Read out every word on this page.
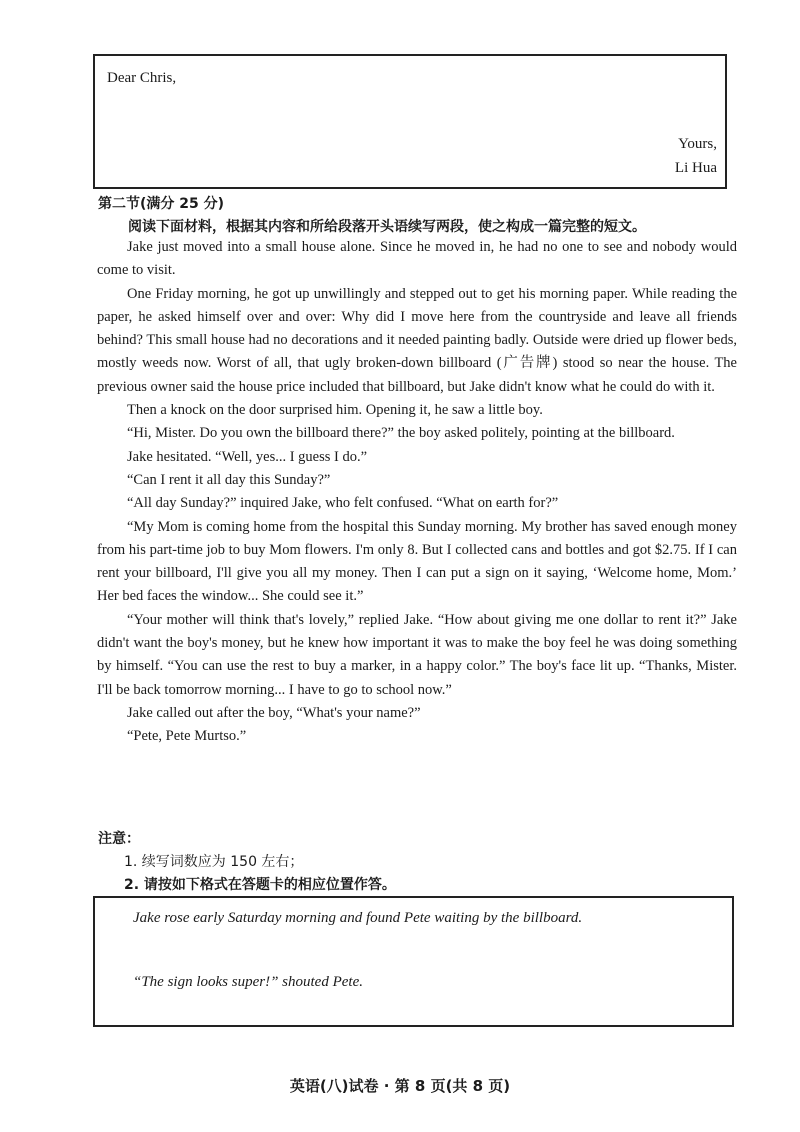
Dear Chris,
Yours,
Li Hua
第二节(满分 25 分)
阅读下面材料，根据其内容和所给段落开头语续写两段，使之构成一篇完整的短文。

Jake just moved into a small house alone. Since he moved in, he had no one to see and nobody would come to visit.

One Friday morning, he got up unwillingly and stepped out to get his morning paper. While reading the paper, he asked himself over and over: Why did I move here from the countryside and leave all friends behind? This small house had no decorations and it needed painting badly. Outside were dried up flower beds, mostly weeds now. Worst of all, that ugly broken-down billboard (广告牌) stood so near the house. The previous owner said the house price included that billboard, but Jake didn't know what he could do with it.

Then a knock on the door surprised him. Opening it, he saw a little boy.

“Hi, Mister. Do you own the billboard there?” the boy asked politely, pointing at the billboard.

Jake hesitated. “Well, yes... I guess I do.”

“Can I rent it all day this Sunday?”

“All day Sunday?” inquired Jake, who felt confused. “What on earth for?”

“My Mom is coming home from the hospital this Sunday morning. My brother has saved enough money from his part-time job to buy Mom flowers. I'm only 8. But I collected cans and bottles and got $2.75. If I can rent your billboard, I'll give you all my money. Then I can put a sign on it saying, ‘Welcome home, Mom.’ Her bed faces the window... She could see it.”

“Your mother will think that's lovely,” replied Jake. “How about giving me one dollar to rent it?” Jake didn't want the boy's money, but he knew how important it was to make the boy feel he was doing something by himself. “You can use the rest to buy a marker, in a happy color.” The boy's face lit up. “Thanks, Mister. I'll be back tomorrow morning... I have to go to school now.”

Jake called out after the boy, “What's your name?”

“Pete, Pete Murtso.”

注意：
1. 续写词数应为 150 左右；
2. 请按如下格式在答题卡的相应位置作答。
Jake rose early Saturday morning and found Pete waiting by the billboard.
“The sign looks super!” shouted Pete.
英语(八)试卷 · 第 8 页(共 8 页)
